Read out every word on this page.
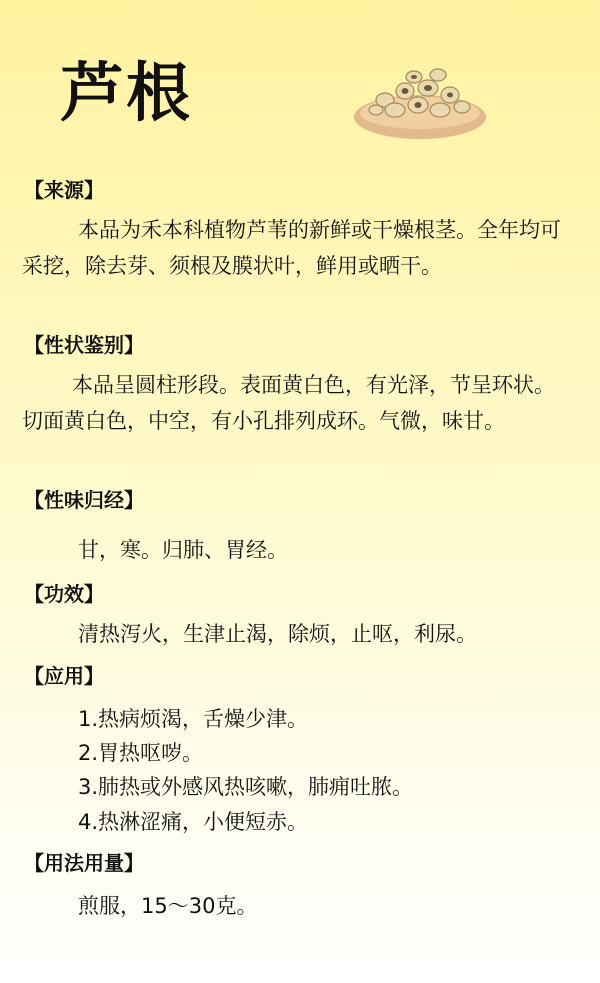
芦根
【来源】

本品为禾本科植物芦苇的新鲜或干燥根茎。全年均可采挖，除去芽、须根及膜状叶，鲜用或晒干。

【性状鉴别】

本品呈圆柱形段。表面黄白色，有光泽，节呈环状。切面黄白色，中空，有小孔排列成环。气微，味甘。

【性味归经】
甘，寒。归肺、胃经。
【功效】
清热泻火，生津止渴，除烦，止呕，利尿。
【应用】
1.热病烦渴，舌燥少津。
2.胃热呕哕。
3.肺热或外感风热咳嗽，肺痈吐脓。
4.热淋涩痛，小便短赤。
【用法用量】
煎服，15～30克。
